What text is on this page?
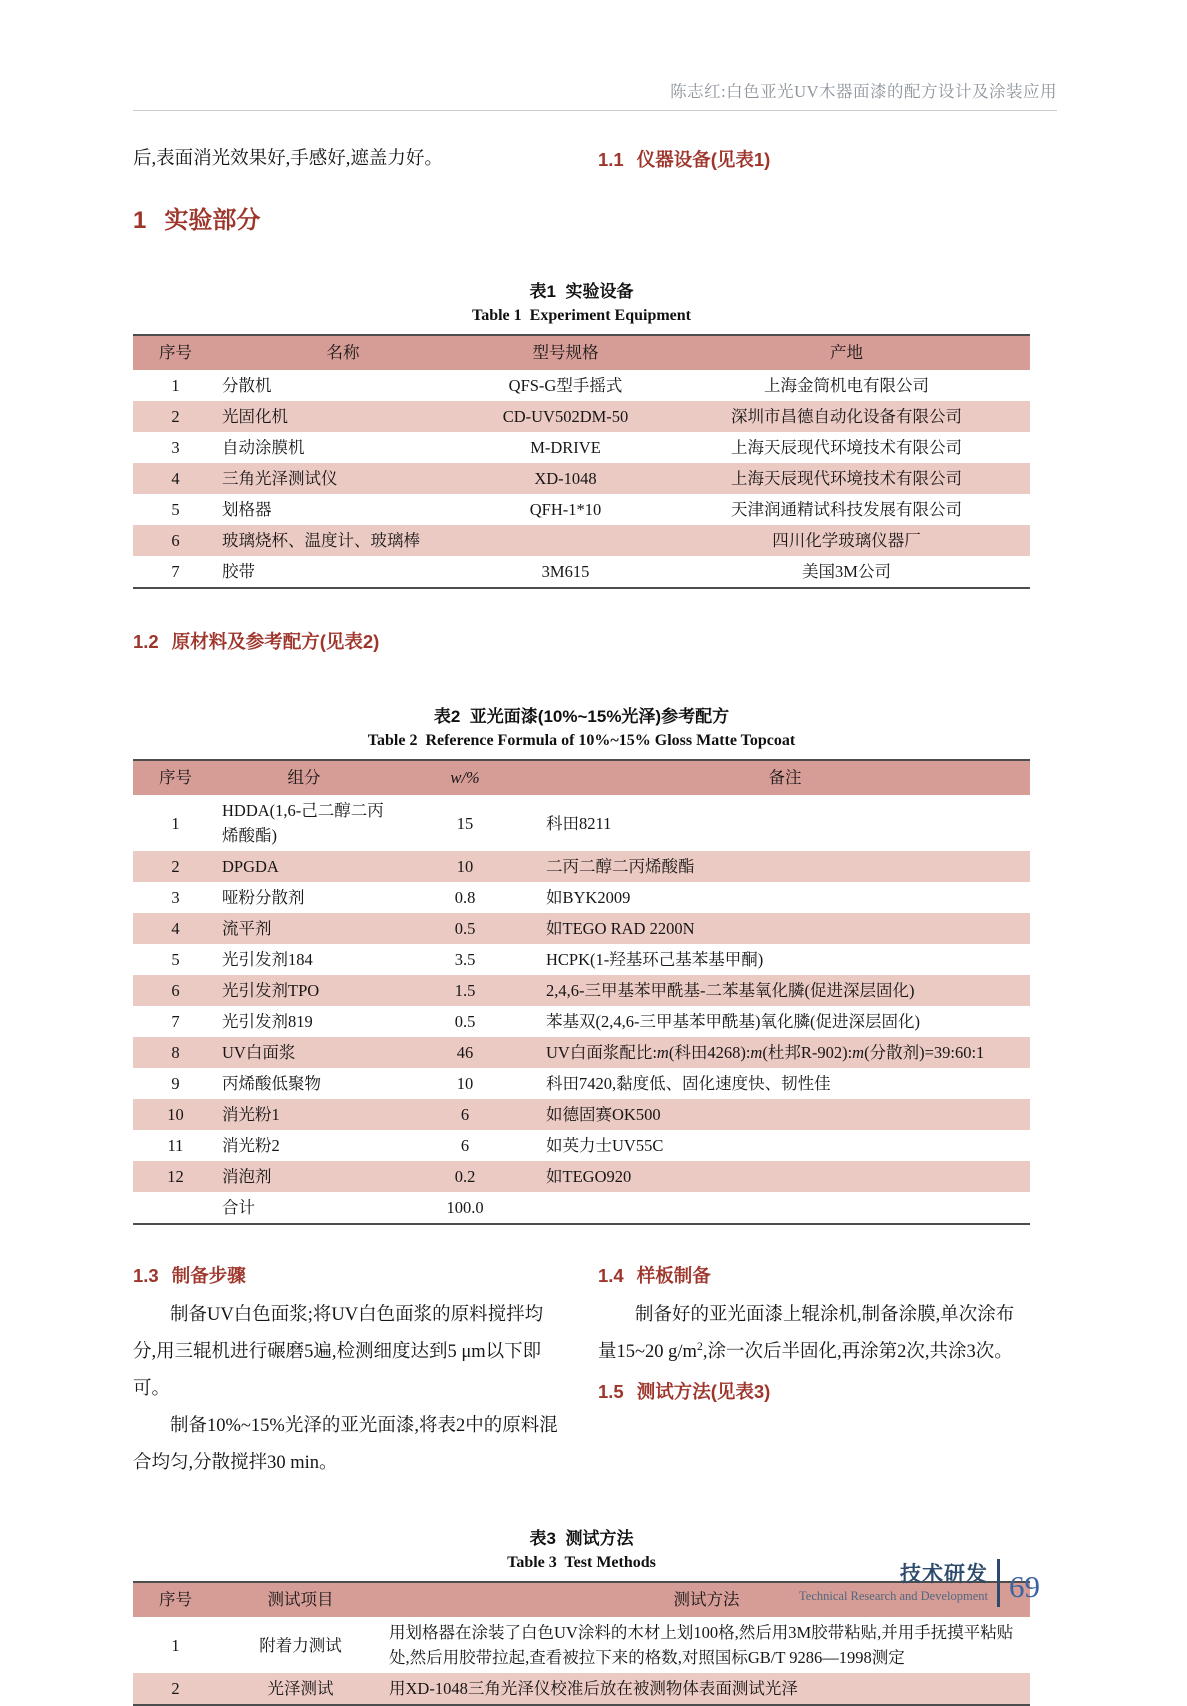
陈志红:白色亚光UV木器面漆的配方设计及涂装应用

后,表面消光效果好,手感好,遮盖力好。	1.1 仪器设备(见表1)
1 实验部分
表1  实验设备
Table 1  Experiment Equipment
序号	名称	型号规格	产地
1	分散机	QFS-G型手摇式	上海金筒机电有限公司
2	光固化机	CD-UV502DM-50	深圳市昌德自动化设备有限公司
3	自动涂膜机	M-DRIVE	上海天辰现代环境技术有限公司
4	三角光泽测试仪	XD-1048	上海天辰现代环境技术有限公司
5	划格器	QFH-1*10	天津润通精试科技发展有限公司
6	玻璃烧杯、温度计、玻璃棒		四川化学玻璃仪器厂
7	胶带	3M615	美国3M公司
1.2 原材料及参考配方(见表2)
表2  亚光面漆(10%~15%光泽)参考配方
Table 2  Reference Formula of 10%~15% Gloss Matte Topcoat
序号	组分	w/%	备注
1	HDDA(1,6-己二醇二丙烯酸酯)	15	科田8211
2	DPGDA	10	二丙二醇二丙烯酸酯
3	哑粉分散剂	0.8	如BYK2009
4	流平剂	0.5	如TEGO RAD 2200N
5	光引发剂184	3.5	HCPK(1-羟基环己基苯基甲酮)
6	光引发剂TPO	1.5	2,4,6-三甲基苯甲酰基-二苯基氧化膦(促进深层固化)
7	光引发剂819	0.5	苯基双(2,4,6-三甲基苯甲酰基)氧化膦(促进深层固化)
8	UV白面浆	46	UV白面浆配比:m(科田4268):m(杜邦R-902):m(分散剂)=39:60:1
9	丙烯酸低聚物	10	科田7420,黏度低、固化速度快、韧性佳
10	消光粉1	6	如德固赛OK500
11	消光粉2	6	如英力士UV55C
12	消泡剂	0.2	如TEGO920
	合计	100.0	
1.3 制备步骤

制备UV白色面浆;将UV白色面浆的原料搅拌均分,用三辊机进行碾磨5遍,检测细度达到5 μm以下即可。

制备10%~15%光泽的亚光面漆,将表2中的原料混合均匀,分散搅拌30 min。

1.4 样板制备

制备好的亚光面漆上辊涂机,制备涂膜,单次涂布量15~20 $g/m^2$,涂一次后半固化,再涂第2次,共涂3次。

1.5 测试方法(见表3)
表3  测试方法
Table 3  Test Methods
序号	测试项目	测试方法
1	附着力测试	用划格器在涂装了白色UV涂料的木材上划100格,然后用3M胶带粘贴,并用手抚摸平粘贴处,然后用胶带拉起,查看被拉下来的格数,对照国标GB/T 9286—1998测定
2	光泽测试	用XD-1048三角光泽仪校准后放在被测物体表面测试光泽
技术研发
Technical Research and Development 69
